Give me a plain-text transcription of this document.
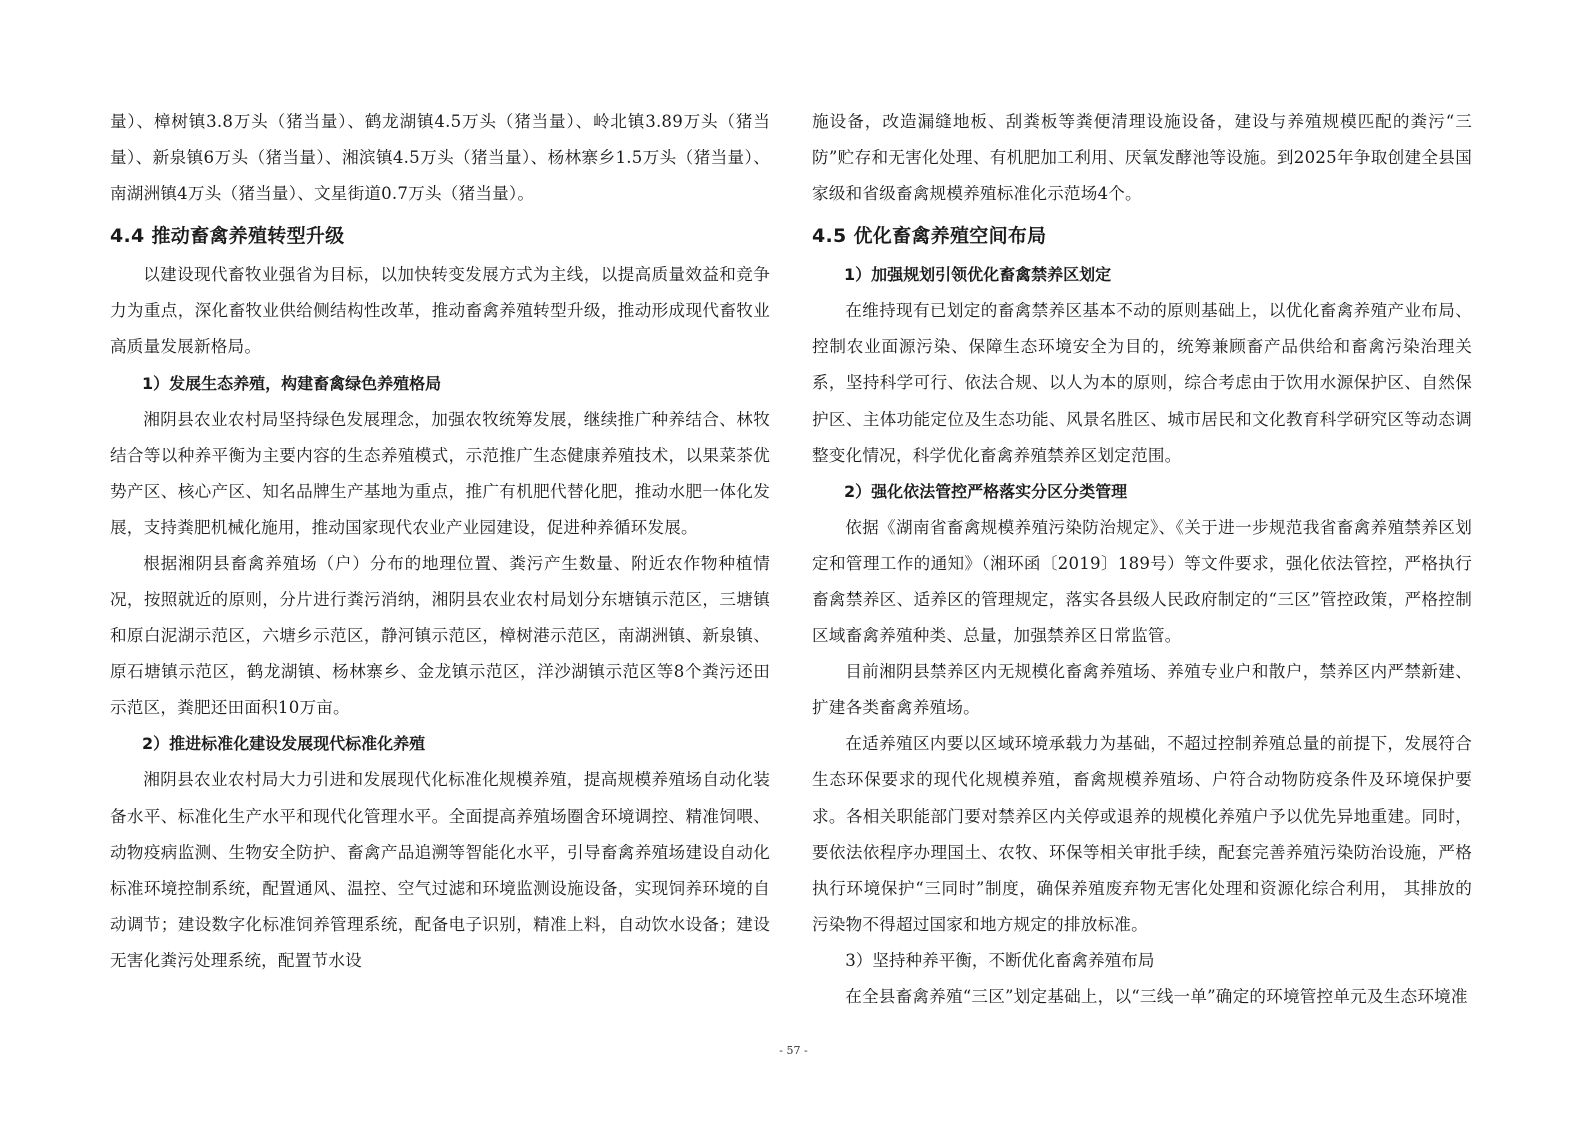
量）、樟树镇3.8万头（猪当量）、鹤龙湖镇4.5万头（猪当量）、岭北镇3.89万头（猪当量）、新泉镇6万头（猪当量）、湘滨镇4.5万头（猪当量）、杨林寨乡1.5万头（猪当量）、南湖洲镇4万头（猪当量）、文星街道0.7万头（猪当量）。

4.4 推动畜禽养殖转型升级

以建设现代畜牧业强省为目标，以加快转变发展方式为主线，以提高质量效益和竞争力为重点，深化畜牧业供给侧结构性改革，推动畜禽养殖转型升级，推动形成现代畜牧业高质量发展新格局。

1）发展生态养殖，构建畜禽绿色养殖格局

湘阴县农业农村局坚持绿色发展理念，加强农牧统筹发展，继续推广种养结合、林牧结合等以种养平衡为主要内容的生态养殖模式，示范推广生态健康养殖技术，以果菜茶优势产区、核心产区、知名品牌生产基地为重点，推广有机肥代替化肥，推动水肥一体化发展，支持粪肥机械化施用，推动国家现代农业产业园建设，促进种养循环发展。

根据湘阴县畜禽养殖场（户）分布的地理位置、粪污产生数量、附近农作物种植情况，按照就近的原则，分片进行粪污消纳，湘阴县农业农村局划分东塘镇示范区，三塘镇和原白泥湖示范区，六塘乡示范区，静河镇示范区，樟树港示范区，南湖洲镇、新泉镇、原石塘镇示范区，鹤龙湖镇、杨林寨乡、金龙镇示范区，洋沙湖镇示范区等8个粪污还田示范区，粪肥还田面积10万亩。

2）推进标准化建设发展现代标准化养殖

湘阴县农业农村局大力引进和发展现代化标准化规模养殖，提高规模养殖场自动化装备水平、标准化生产水平和现代化管理水平。全面提高养殖场圈舍环境调控、精准饲喂、动物疫病监测、生物安全防护、畜禽产品追溯等智能化水平，引导畜禽养殖场建设自动化标准环境控制系统，配置通风、温控、空气过滤和环境监测设施设备，实现饲养环境的自动调节；建设数字化标准饲养管理系统，配备电子识别，精准上料，自动饮水设备；建设无害化粪污处理系统，配置节水设

施设备，改造漏缝地板、刮粪板等粪便清理设施设备，建设与养殖规模匹配的粪污“三防”贮存和无害化处理、有机肥加工利用、厌氧发酵池等设施。到2025年争取创建全县国家级和省级畜禽规模养殖标准化示范场4个。

4.5 优化畜禽养殖空间布局
1）加强规划引领优化畜禽禁养区划定

在维持现有已划定的畜禽禁养区基本不动的原则基础上，以优化畜禽养殖产业布局、控制农业面源污染、保障生态环境安全为目的，统筹兼顾畜产品供给和畜禽污染治理关系，坚持科学可行、依法合规、以人为本的原则，综合考虑由于饮用水源保护区、自然保护区、主体功能定位及生态功能、风景名胜区、城市居民和文化教育科学研究区等动态调整变化情况，科学优化畜禽养殖禁养区划定范围。

2）强化依法管控严格落实分区分类管理

依据《湖南省畜禽规模养殖污染防治规定》、《关于进一步规范我省畜禽养殖禁养区划定和管理工作的通知》（湘环函〔2019〕189号）等文件要求，强化依法管控，严格执行畜禽禁养区、适养区的管理规定，落实各县级人民政府制定的“三区”管控政策，严格控制区域畜禽养殖种类、总量，加强禁养区日常监管。

目前湘阴县禁养区内无规模化畜禽养殖场、养殖专业户和散户，禁养区内严禁新建、扩建各类畜禽养殖场。

在适养殖区内要以区域环境承载力为基础，不超过控制养殖总量的前提下，发展符合生态环保要求的现代化规模养殖，畜禽规模养殖场、户符合动物防疫条件及环境保护要求。各相关职能部门要对禁养区内关停或退养的规模化养殖户予以优先异地重建。同时，要依法依程序办理国土、农牧、环保等相关审批手续，配套完善养殖污染防治设施，严格执行环境保护“三同时”制度，确保养殖废弃物无害化处理和资源化综合利用， 其排放的污染物不得超过国家和地方规定的排放标准。

3）坚持种养平衡，不断优化畜禽养殖布局

在全县畜禽养殖“三区”划定基础上，以“三线一单”确定的环境管控单元及生态环境准

- 57 -
